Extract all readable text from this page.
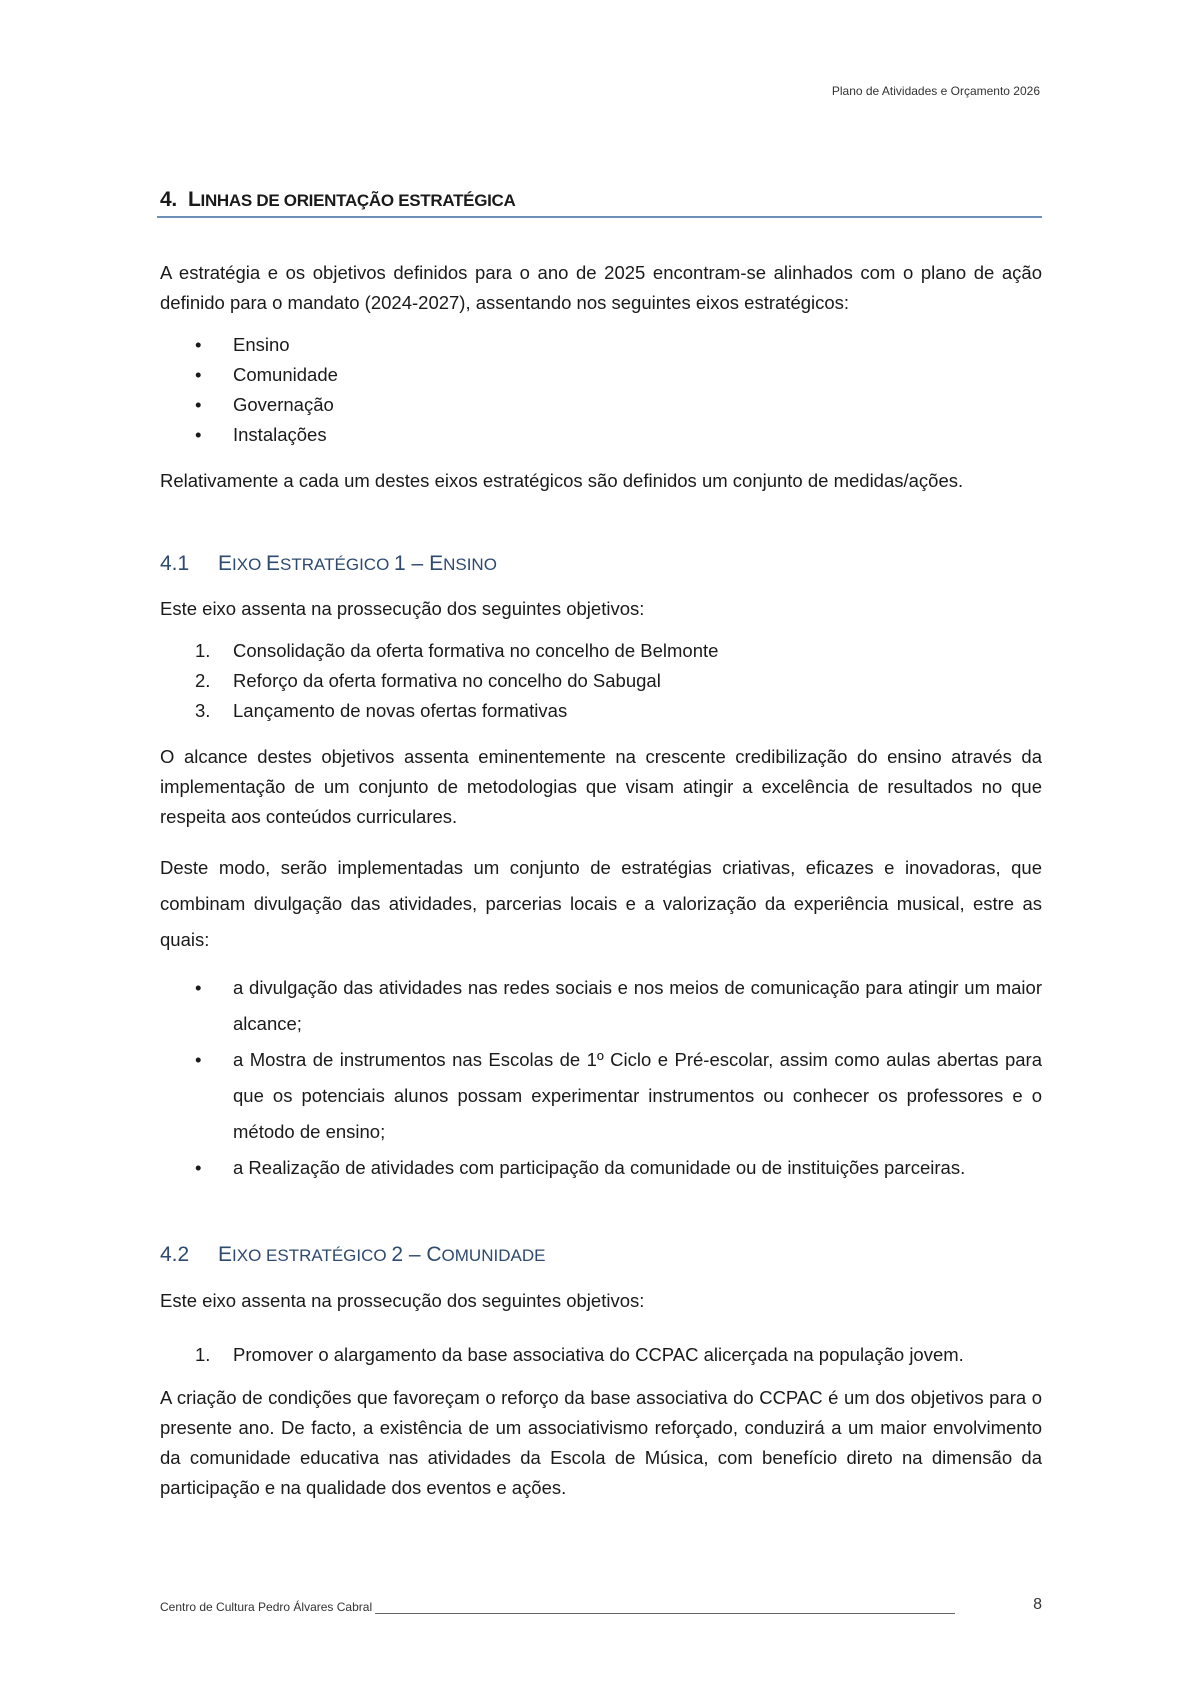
Plano de Atividades e Orçamento 2026
4. LINHAS DE ORIENTAÇÃO ESTRATÉGICA

A estratégia e os objetivos definidos para o ano de 2025 encontram-se alinhados com o plano de ação definido para o mandato (2024-2027), assentando nos seguintes eixos estratégicos:

• Ensino
• Comunidade
• Governação
• Instalações

Relativamente a cada um destes eixos estratégicos são definidos um conjunto de medidas/ações.

4.1 EIXO ESTRATÉGICO 1 – ENSINO

Este eixo assenta na prossecução dos seguintes objetivos:

1. Consolidação da oferta formativa no concelho de Belmonte
2. Reforço da oferta formativa no concelho do Sabugal
3. Lançamento de novas ofertas formativas

O alcance destes objetivos assenta eminentemente na crescente credibilização do ensino através da implementação de um conjunto de metodologias que visam atingir a excelência de resultados no que respeita aos conteúdos curriculares.

Deste modo, serão implementadas um conjunto de estratégias criativas, eficazes e inovadoras, que combinam divulgação das atividades, parcerias locais e a valorização da experiência musical, estre as quais:

• a divulgação das atividades nas redes sociais e nos meios de comunicação para atingir um maior alcance;
• a Mostra de instrumentos nas Escolas de 1º Ciclo e Pré-escolar, assim como aulas abertas para que os potenciais alunos possam experimentar instrumentos ou conhecer os professores e o método de ensino;
• a Realização de atividades com participação da comunidade ou de instituições parceiras.
4.2 EIXO ESTRATÉGICO 2 – COMUNIDADE

Este eixo assenta na prossecução dos seguintes objetivos:

1. Promover o alargamento da base associativa do CCPAC alicerçada na população jovem.

A criação de condições que favoreçam o reforço da base associativa do CCPAC é um dos objetivos para o presente ano. De facto, a existência de um associativismo reforçado, conduzirá a um maior envolvimento da comunidade educativa nas atividades da Escola de Música, com benefício direto na dimensão da participação e na qualidade dos eventos e ações.

Centro de Cultura Pedro Álvares Cabral	8
